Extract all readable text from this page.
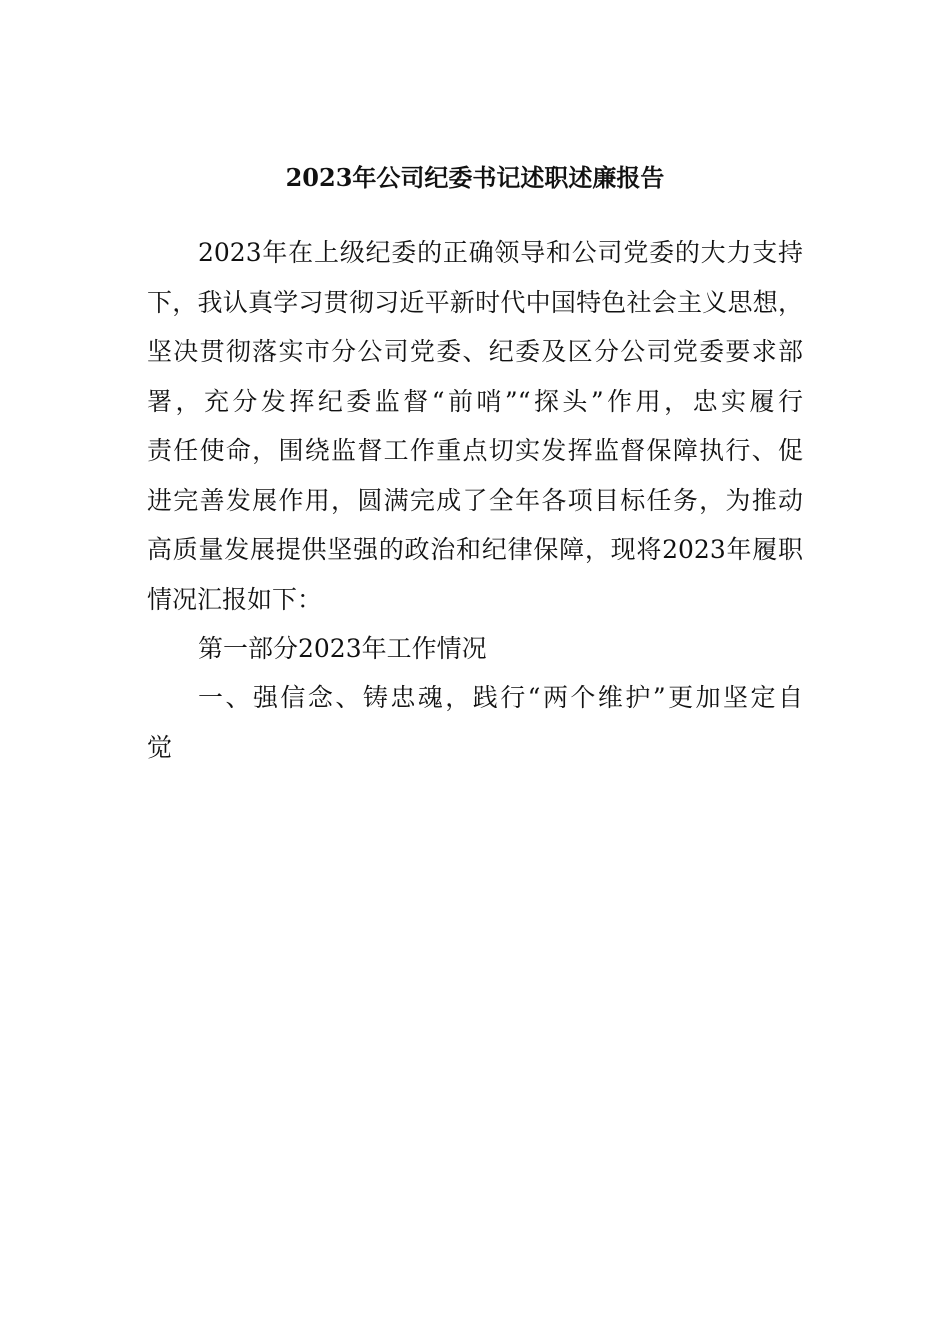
2023年公司纪委书记述职述廉报告
2023年在上级纪委的正确领导和公司党委的大力支持
下，我认真学习贯彻习近平新时代中国特色社会主义思想，
坚决贯彻落实市分公司党委、纪委及区分公司党委要求部
署，充分发挥纪委监督“前哨”“探头”作用，忠实履行
责任使命，围绕监督工作重点切实发挥监督保障执行、促
进完善发展作用，圆满完成了全年各项目标任务，为推动
高质量发展提供坚强的政治和纪律保障，现将2023年履职
情况汇报如下：
第一部分2023年工作情况
一、强信念、铸忠魂，践行“两个维护”更加坚定自
觉
